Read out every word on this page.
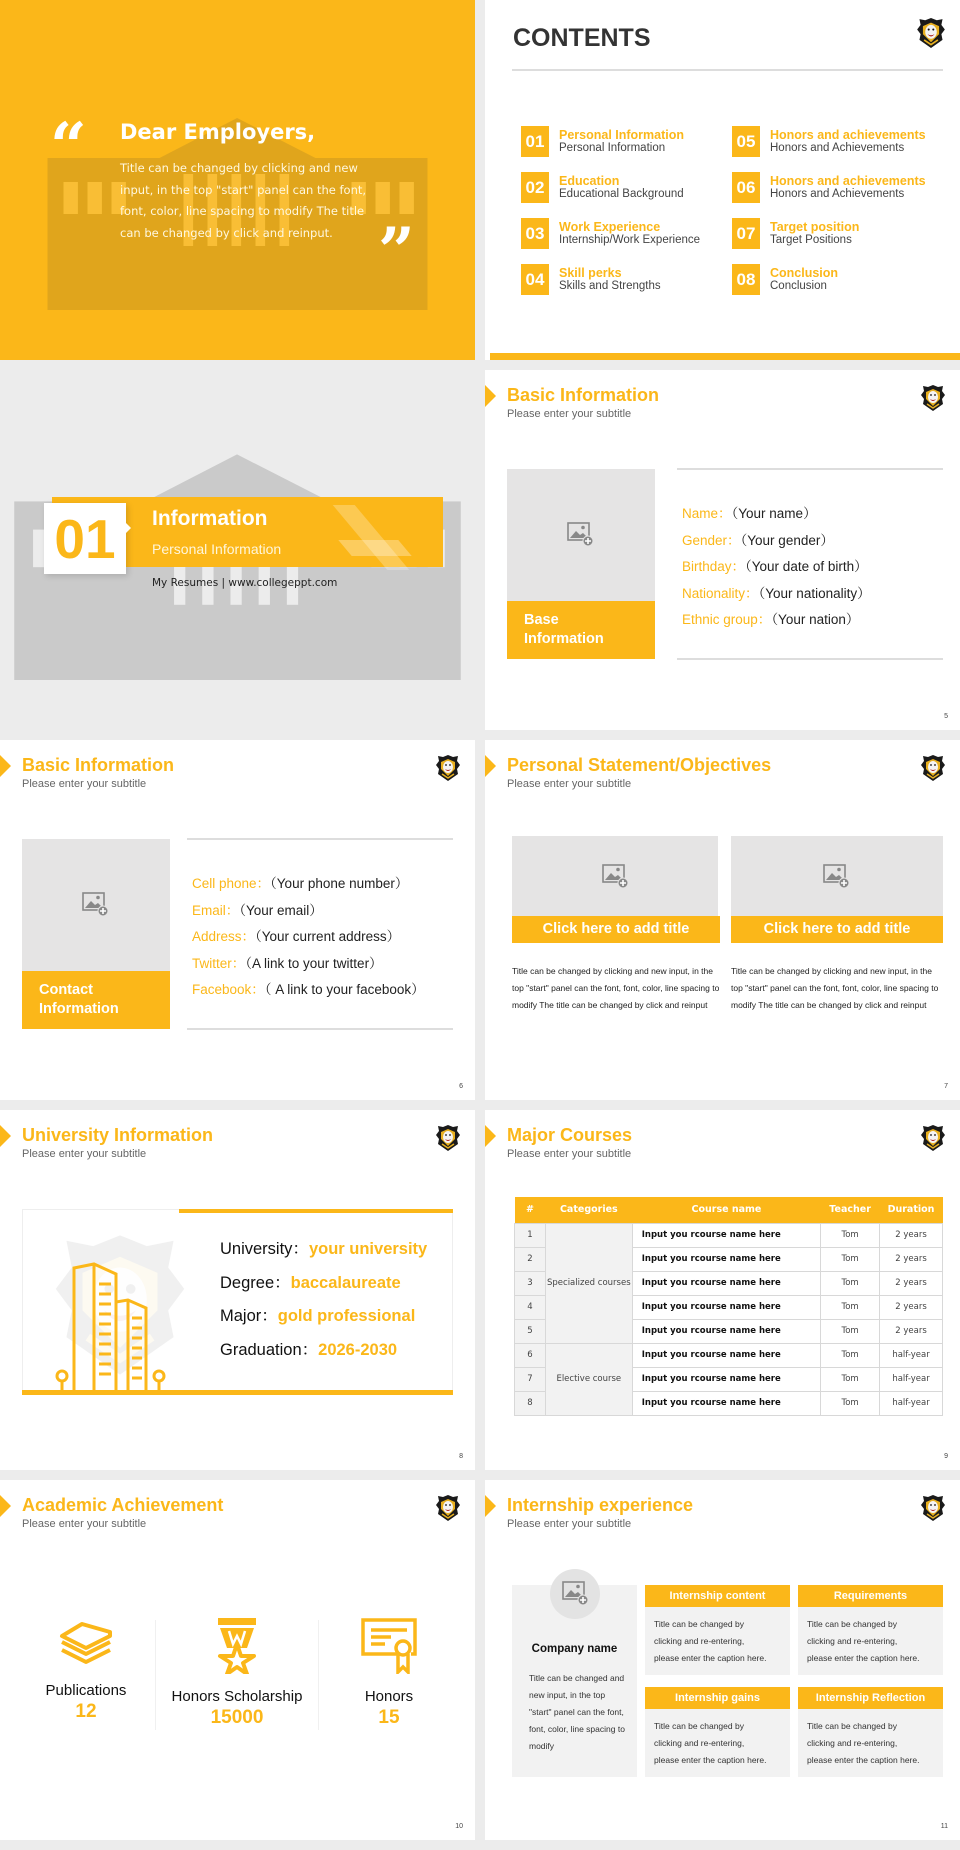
“ Dear Employers,
Title can be changed by clicking and new input, in the top "start" panel can the font, font, color, line spacing to modify The title can be changed by click and reinput. ”
CONTENTS
01	Personal Information
Personal Information
02	Education
Educational Background
03	Work Experience
Internship/Work Experience
04	Skill perks
Skills and Strengths
05	Honors and achievements
Honors and Achievements
06	Honors and achievements
Honors and Achievements
07	Target position
Target Positions
08	Conclusion
Conclusion
01	Information
Personal Information
My Resumes | www.collegeppt.com
Basic Information
Please enter your subtitle
Base
Information
Name：（Your name）
Gender：（Your gender）
Birthday：（Your date of birth）
Nationality：（Your nationality）
Ethnic group：（Your nation）
5
Basic Information
Please enter your subtitle
Contact
Information
Cell phone：（Your phone number）
Email：（Your email）
Address：（Your current address）
Twitter：（A link to your twitter）
Facebook：（ A link to your facebook）
6
Personal Statement/Objectives
Please enter your subtitle
Click here to add title
Title can be changed by clicking and new input, in the top "start" panel can the font, font, color, line spacing to modify The title can be changed by click and reinput
Click here to add title
Title can be changed by clicking and new input, in the top "start" panel can the font, font, color, line spacing to modify The title can be changed by click and reinput
7
University Information
Please enter your subtitle
University：your university
Degree：baccalaureate
Major：gold professional
Graduation：2026-2030
8
Major Courses
Please enter your subtitle
#	Categories	Course name	Teacher	Duration
1	Specialized courses	Input you rcourse name here	Tom	2 years
2		Input you rcourse name here	Tom	2 years
3		Input you rcourse name here	Tom	2 years
4		Input you rcourse name here	Tom	2 years
5		Input you rcourse name here	Tom	2 years
6	Elective course	Input you rcourse name here	Tom	half-year
7		Input you rcourse name here	Tom	half-year
8		Input you rcourse name here	Tom	half-year
9
Academic Achievement
Please enter your subtitle
Publications
12
Honors Scholarship
15000
Honors
15
10
Internship experience
Please enter your subtitle
Company name
Title can be changed and new input, in the top "start" panel can the font, font, color, line spacing to modify
Internship content
Title can be changed by
clicking and re-entering,
please enter the caption here.
Requirements
Title can be changed by
clicking and re-entering,
please enter the caption here.
Internship gains
Title can be changed by
clicking and re-entering,
please enter the caption here.
Internship Reflection
Title can be changed by
clicking and re-entering,
please enter the caption here.
11
